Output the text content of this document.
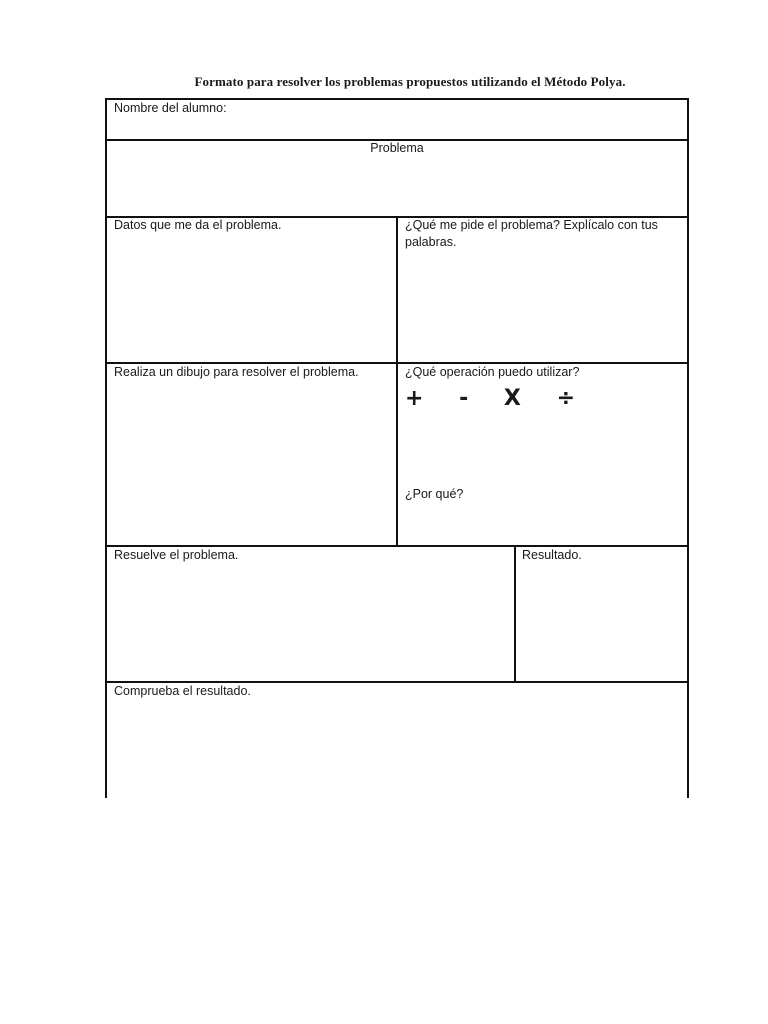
Formato para resolver los problemas propuestos utilizando el Método Polya.
Nombre del alumno:
Problema
Datos que me da el problema.	¿Qué me pide el problema? Explícalo con tus palabras.
Realiza un dibujo para resolver el problema.	¿Qué operación puedo utilizar?
+ - X ÷
¿Por qué?
Resuelve el problema.	Resultado.
Comprueba el resultado.
